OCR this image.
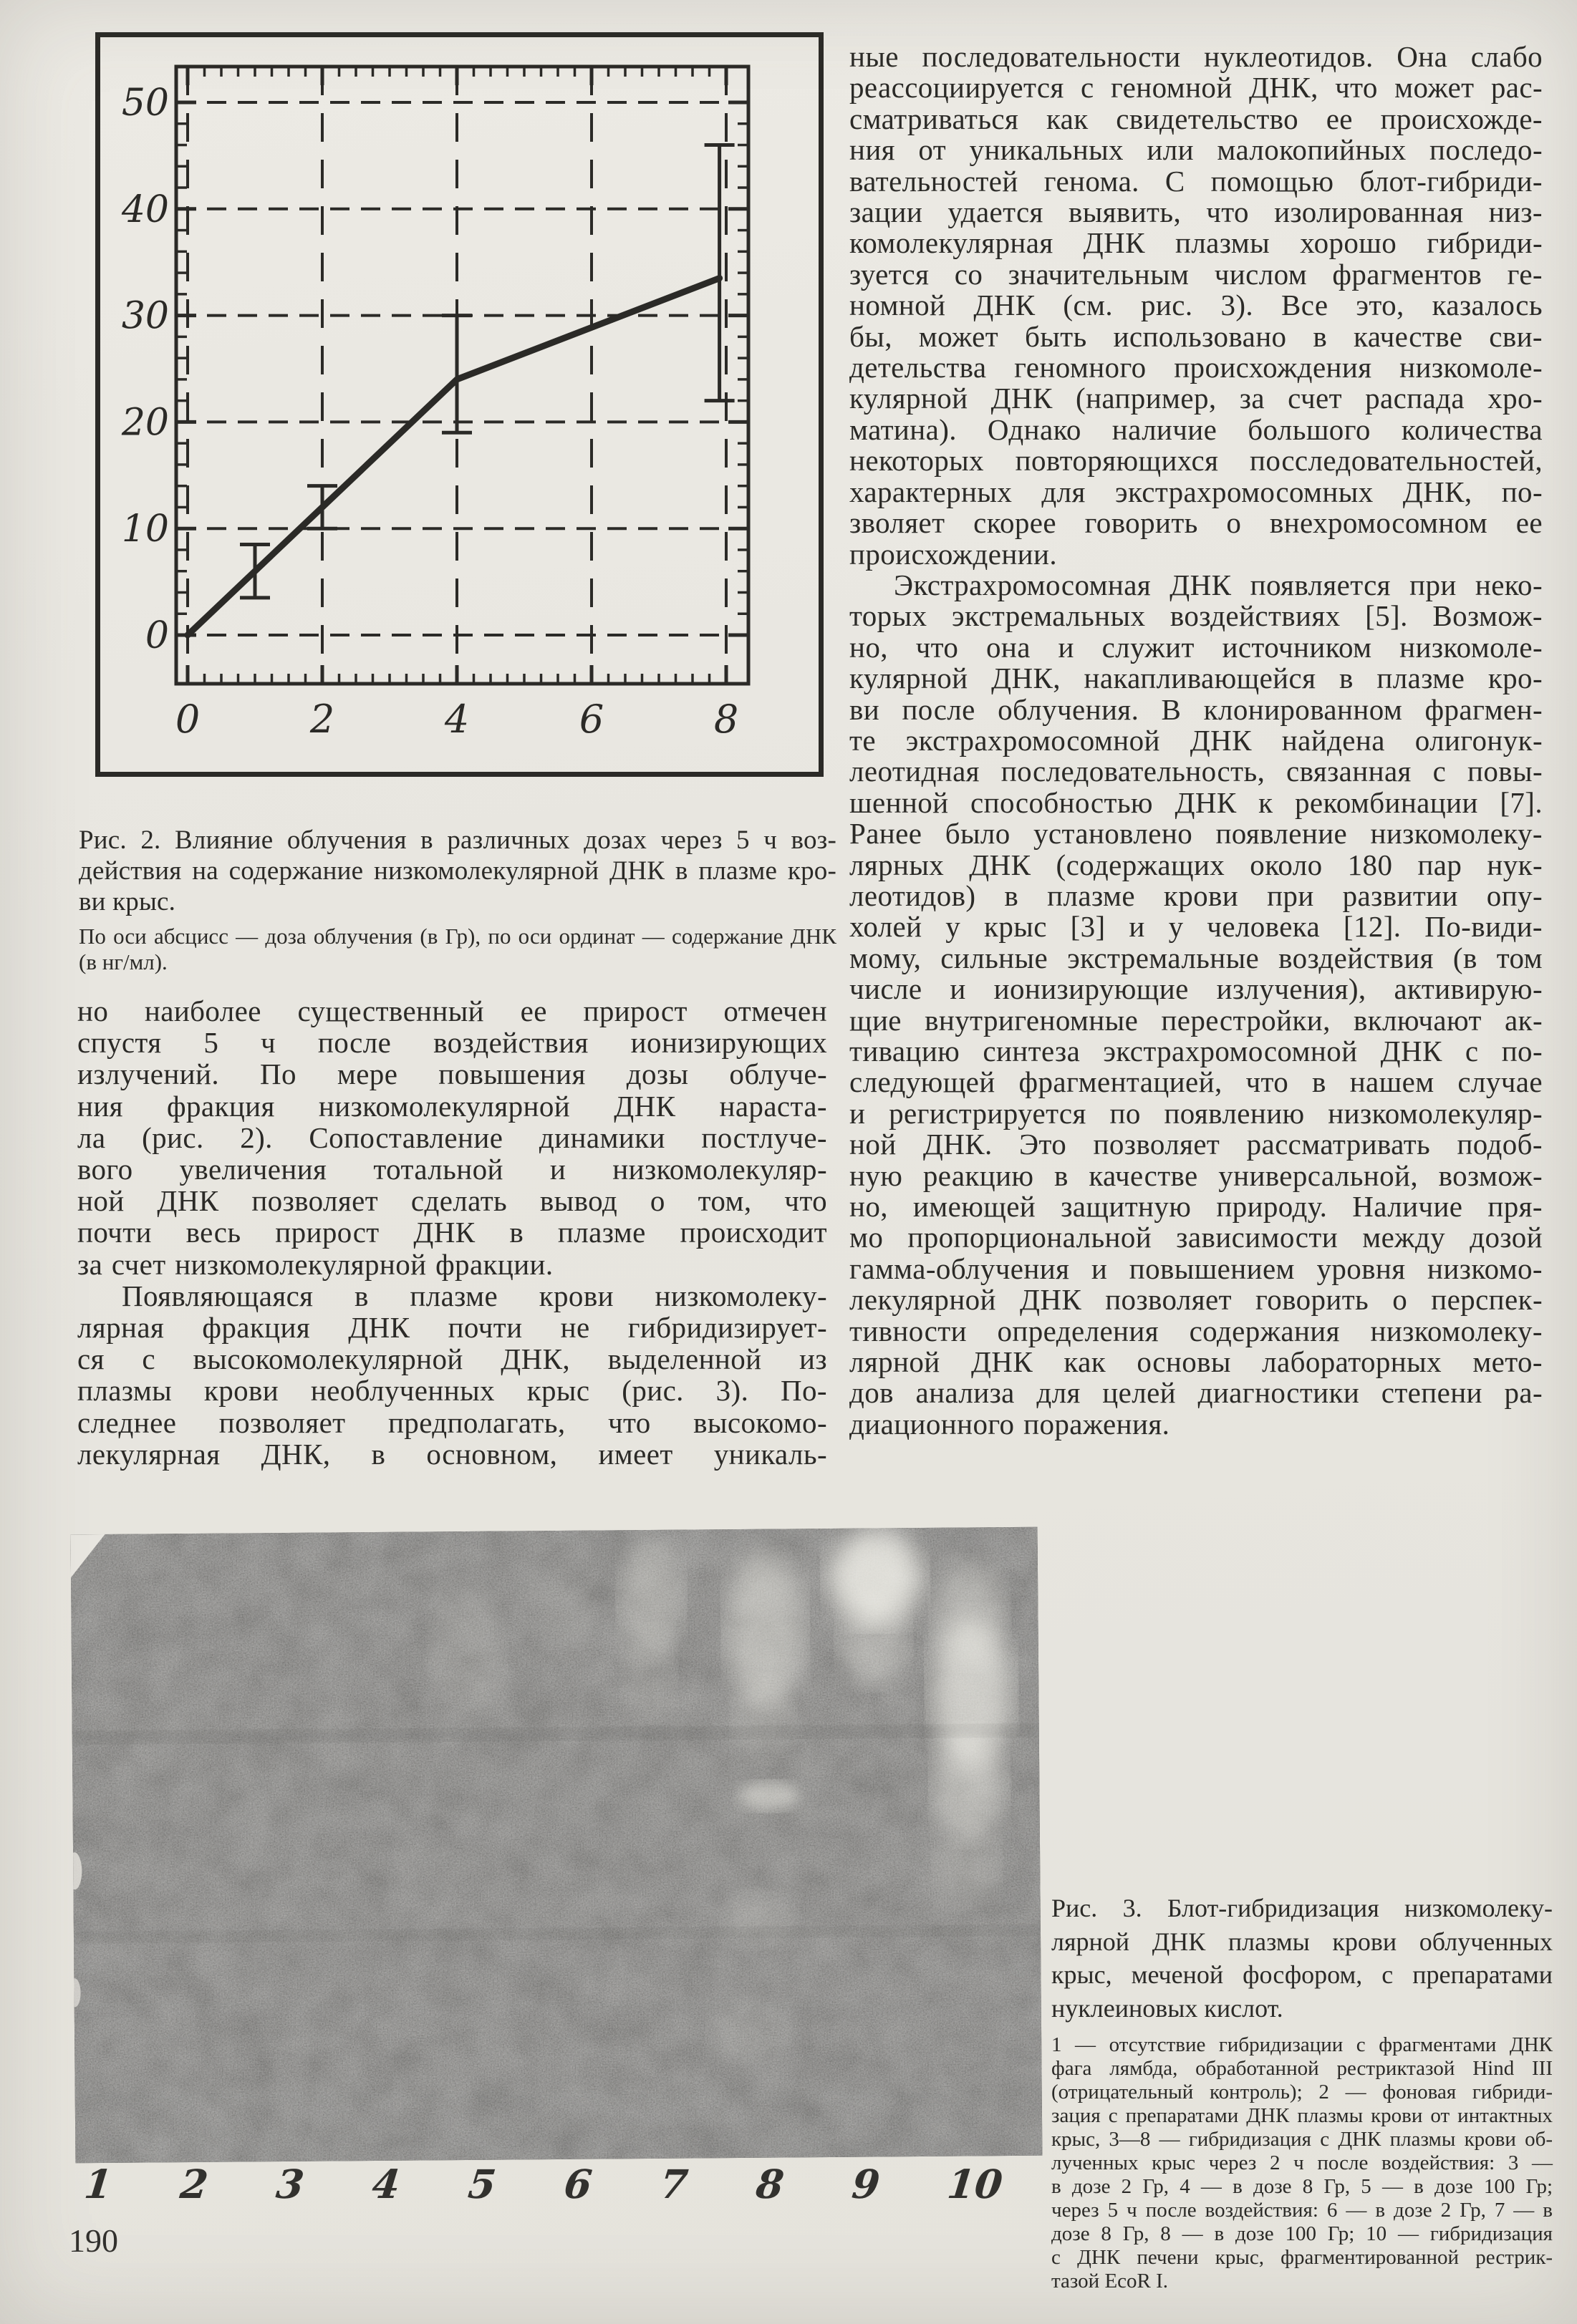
0
10
20
30
40
50
0	2	4	6	8

Рис. 2. Влияние облучения в различных дозах через 5 ч воз-
действия на содержание низкомолекулярной ДНК в плазме кро-
ви крыс.

По оси абсцисс — доза облучения (в Гр), по оси ординат — содержание ДНК
(в нг/мл).

но наиболее существенный ее прирост отмечен
спустя 5 ч после воздействия ионизирующих
излучений. По мере повышения дозы облуче-
ния фракция низкомолекулярной ДНК нараста-
ла (рис. 2). Сопоставление динамики постлуче-
вого увеличения тотальной и низкомолекуляр-
ной ДНК позволяет сделать вывод о том, что
почти весь прирост ДНК в плазме происходит
за счет низкомолекулярной фракции.

Появляющаяся в плазме крови низкомолеку-
лярная фракция ДНК почти не гибридизирует-
ся с высокомолекулярной ДНК, выделенной из
плазмы крови необлученных крыс (рис. 3). По-
следнее позволяет предполагать, что высокомо-
лекулярная ДНК, в основном, имеет уникаль-

ные последовательности нуклеотидов. Она слабо
реассоциируется с геномной ДНК, что может рас-
сматриваться как свидетельство ее происхожде-
ния от уникальных или малокопийных последо-
вательностей генома. С помощью блот-гибриди-
зации удается выявить, что изолированная низ-
комолекулярная ДНК плазмы хорошо гибриди-
зуется со значительным числом фрагментов ге-
номной ДНК (см. рис. 3). Все это, казалось
бы, может быть использовано в качестве сви-
детельства геномного происхождения низкомоле-
кулярной ДНК (например, за счет распада хро-
матина). Однако наличие большого количества
некоторых повторяющихся посследовательностей,
характерных для экстрахромосомных ДНК, по-
зволяет скорее говорить о внехромосомном ее
происхождении.

Экстрахромосомная ДНК появляется при неко-
торых экстремальных воздействиях [5]. Возмож-
но, что она и служит источником низкомоле-
кулярной ДНК, накапливающейся в плазме кро-
ви после облучения. В клонированном фрагмен-
те экстрахромосомной ДНК найдена олигонук-
леотидная последовательность, связанная с повы-
шенной способностью ДНК к рекомбинации [7].
Ранее было установлено появление низкомолеку-
лярных ДНК (содержащих около 180 пар нук-
леотидов) в плазме крови при развитии опу-
холей у крыс [3] и у человека [12]. По-види-
мому, сильные экстремальные воздействия (в том
числе и ионизирующие излучения), активирую-
щие внутригеномные перестройки, включают ак-
тивацию синтеза экстрахромосомной ДНК с по-
следующей фрагментацией, что в нашем случае
и регистрируется по появлению низкомолекуляр-
ной ДНК. Это позволяет рассматривать подоб-
ную реакцию в качестве универсальной, возмож-
но, имеющей защитную природу. Наличие пря-
мо пропорциональной зависимости между дозой
гамма-облучения и повышением уровня низкомо-
лекулярной ДНК позволяет говорить о перспек-
тивности определения содержания низкомолеку-
лярной ДНК как основы лабораторных мето-
дов анализа для целей диагностики степени ра-
диационного поражения.

1 2 3 4 5 6 7 8 9 10

Рис. 3. Блот-гибридизация низкомолеку-
лярной ДНК плазмы крови облученных
крыс, меченой фосфором, с препаратами
нуклеиновых кислот.

1 — отсутствие гибридизации с фрагментами ДНК
фага лямбда, обработанной рестриктазой Hind III
(отрицательный контроль); 2 — фоновая гибриди-
зация с препаратами ДНК плазмы крови от интактных
крыс, 3—8 — гибридизация с ДНК плазмы крови об-
лученных крыс через 2 ч после воздействия: 3 —
в дозе 2 Гр, 4 — в дозе 8 Гр, 5 — в дозе 100 Гр;
через 5 ч после воздействия: 6 — в дозе 2 Гр, 7 — в
дозе 8 Гр, 8 — в дозе 100 Гр; 10 — гибридизация
с ДНК печени крыс, фрагментированной рестрик-
тазой EcoR I.

190
